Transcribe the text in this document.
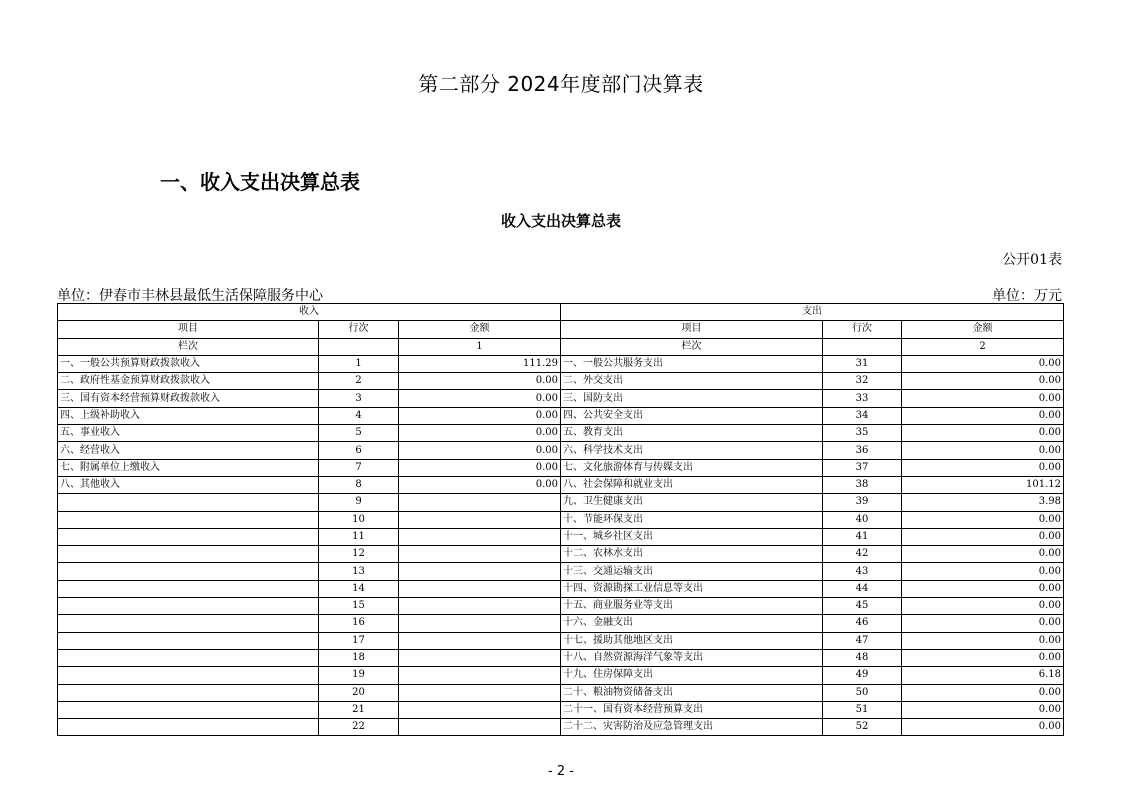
第二部分 2024年度部门决算表
一、收入支出决算总表
收入支出决算总表
公开01表
单位：伊春市丰林县最低生活保障服务中心	单位：万元
收入			支出		
项目	行次	金额	项目	行次	金额
栏次		1	栏次		2
一、一般公共预算财政拨款收入	1	111.29	一、一般公共服务支出	31	0.00
二、政府性基金预算财政拨款收入	2	0.00	二、外交支出	32	0.00
三、国有资本经营预算财政拨款收入	3	0.00	三、国防支出	33	0.00
四、上级补助收入	4	0.00	四、公共安全支出	34	0.00
五、事业收入	5	0.00	五、教育支出	35	0.00
六、经营收入	6	0.00	六、科学技术支出	36	0.00
七、附属单位上缴收入	7	0.00	七、文化旅游体育与传媒支出	37	0.00
八、其他收入	8	0.00	八、社会保障和就业支出	38	101.12
	9		九、卫生健康支出	39	3.98
	10		十、节能环保支出	40	0.00
	11		十一、城乡社区支出	41	0.00
	12		十二、农林水支出	42	0.00
	13		十三、交通运输支出	43	0.00
	14		十四、资源勘探工业信息等支出	44	0.00
	15		十五、商业服务业等支出	45	0.00
	16		十六、金融支出	46	0.00
	17		十七、援助其他地区支出	47	0.00
	18		十八、自然资源海洋气象等支出	48	0.00
	19		十九、住房保障支出	49	6.18
	20		二十、粮油物资储备支出	50	0.00
	21		二十一、国有资本经营预算支出	51	0.00
	22		二十二、灾害防治及应急管理支出	52	0.00
- 2 -
